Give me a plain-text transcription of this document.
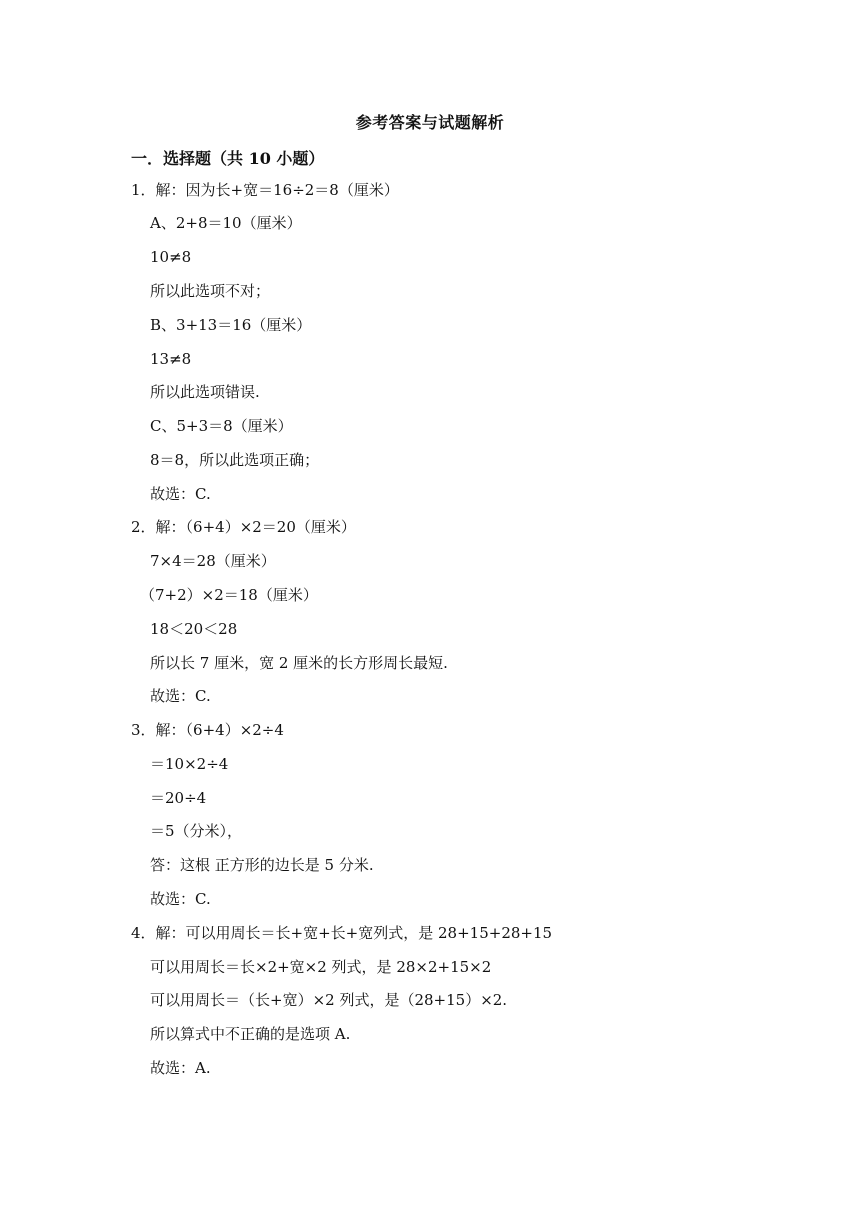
参考答案与试题解析
一．选择题（共 10 小题）
1．解：因为长+宽＝16÷2＝8（厘米）
A、2+8＝10（厘米）
10≠8
所以此选项不对；
B、3+13＝16（厘米）
13≠8
所以此选项错误.
C、5+3＝8（厘米）
8＝8，所以此选项正确；
故选：C.
2．解：（6+4）×2＝20（厘米）
7×4＝28（厘米）
（7+2）×2＝18（厘米）
18＜20＜28
所以长 7 厘米，宽 2 厘米的长方形周长最短.
故选：C.
3．解：（6+4）×2÷4
＝10×2÷4
＝20÷4
＝5（分米），
答：这根 正方形的边长是 5 分米.
故选：C.
4．解：可以用周长＝长+宽+长+宽列式，是 28+15+28+15
可以用周长＝长×2+宽×2 列式，是 28×2+15×2
可以用周长＝（长+宽）×2 列式，是（28+15）×2.
所以算式中不正确的是选项 A.
故选：A.
